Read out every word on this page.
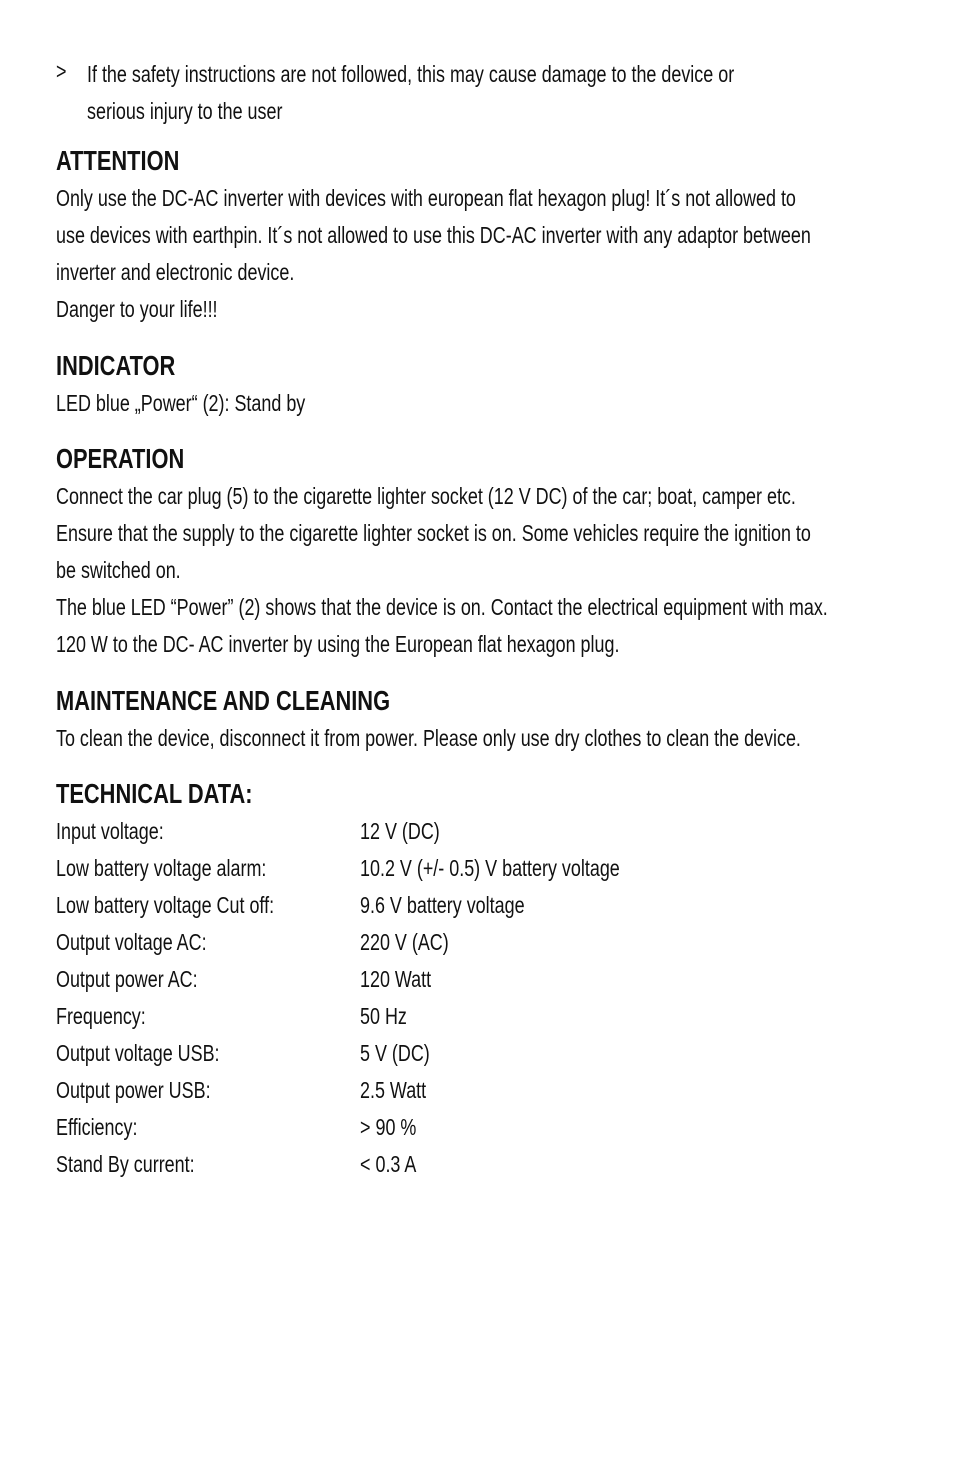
> If the safety instructions are not followed, this may cause damage to the device or
serious injury to the user
ATTENTION
Only use the DC-AC inverter with devices with european flat hexagon plug! It´s not allowed to
use devices with earthpin. It´s not allowed to use this DC-AC inverter with any adaptor between
inverter and electronic device.
Danger to your life!!!
INDICATOR
LED blue „Power“ (2): Stand by
OPERATION
Connect the car plug (5) to the cigarette lighter socket (12 V DC) of the car; boat, camper etc.
Ensure that the supply to the cigarette lighter socket is on. Some vehicles require the ignition to
be switched on.
The blue LED “Power” (2) shows that the device is on. Contact the electrical equipment with max.
120 W to the DC- AC inverter by using the European flat hexagon plug.
MAINTENANCE AND CLEANING
To clean the device, disconnect it from power. Please only use dry clothes to clean the device.
TECHNICAL DATA:
Input voltage:	12 V (DC)
Low battery voltage alarm:	10.2 V (+/- 0.5) V battery voltage
Low battery voltage Cut off:	9.6 V battery voltage
Output voltage AC:	220 V (AC)
Output power AC:	120 Watt
Frequency:	50 Hz
Output voltage USB:	5 V (DC)
Output power USB:	2.5 Watt
Efficiency:	> 90 %
Stand By current:	< 0.3 A
